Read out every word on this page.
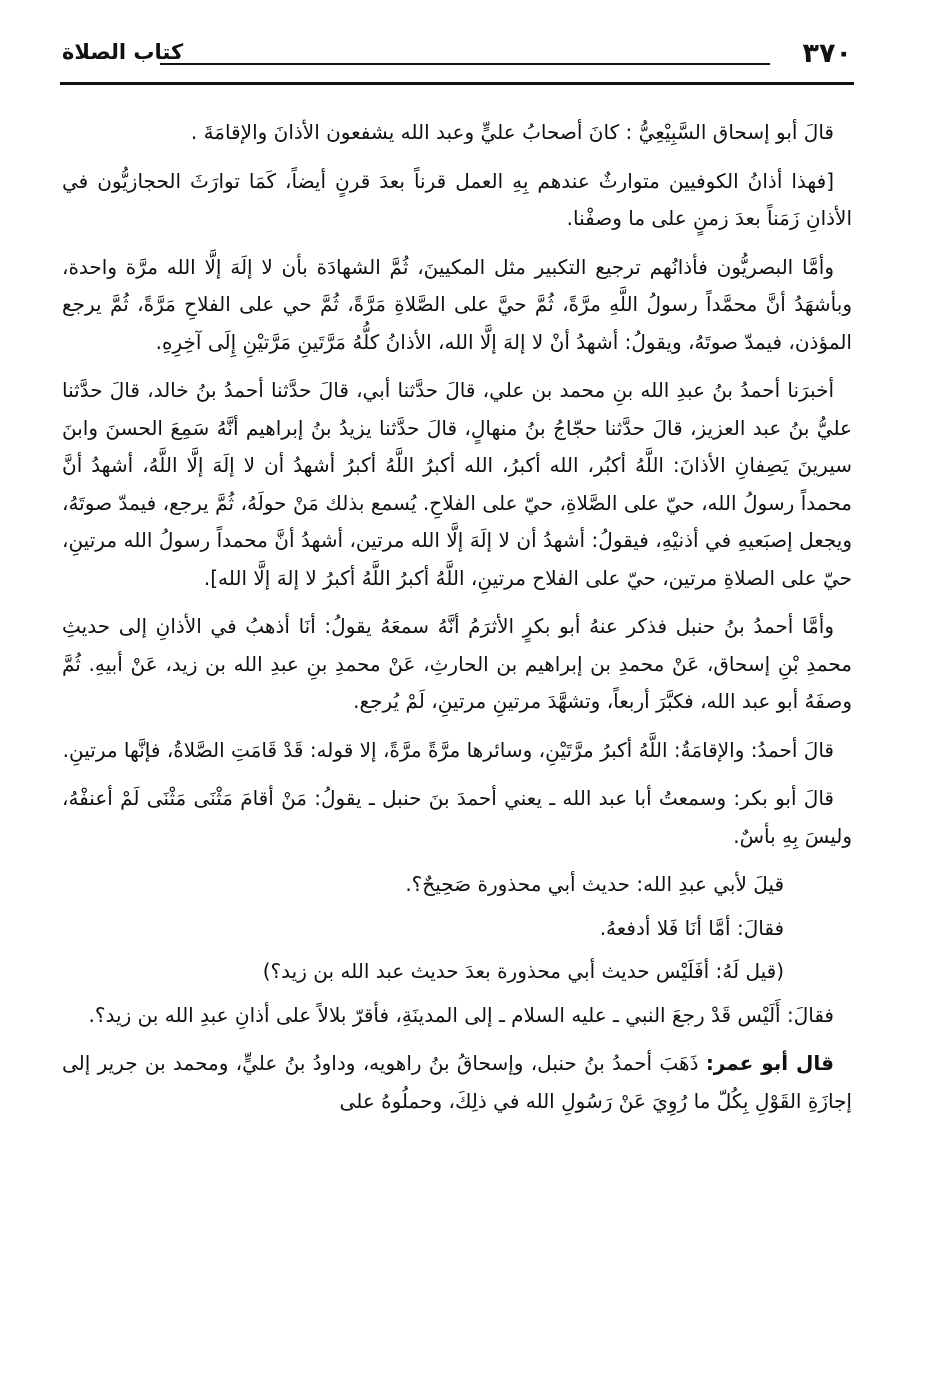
٣٧٠
كتاب الصلاة

قالَ أبو إسحاق السَّبِيْعِيُّ : كانَ أصحابُ عليٍّ وعبد الله يشفعون الأذانَ والإقامَةَ .

[فهذا أذانُ الكوفيين متوارثٌ عندهم بِهِ العمل قرناً بعدَ قرنٍ أيضاً، كَمَا توارَثَ الحجازيُّون في الأذانِ زَمَناً بعدَ زمنٍ على ما وصفْنا.

وأمَّا البصريُّون فأذانُهم ترجيع التكبير مثل المكيينَ، ثُمَّ الشهادَة بأن لا إلَهَ إلَّا الله مرَّة واحدة، وبأشهَدُ أنَّ محمَّداً رسولُ اللَّهِ مرَّةً، ثُمَّ حيَّ على الصَّلاةِ مَرَّةً، ثُمَّ حي على الفلاحِ مَرَّةً، ثُمَّ يرجع المؤذن، فيمدّ صوتَهُ، ويقولُ: أشهدُ أنْ لا إلهَ إلَّا الله، الأذانُ كلُّهُ مَرَّتَينِ مَرَّتيْنِ إِلَى آخِرِهِ.

أخبرَنا أحمدُ بنُ عبدِ الله بنِ محمد بن علي، قالَ حدَّثنا أبي، قالَ حدَّثنا أحمدُ بنُ خالد، قالَ حدَّثنا عليُّ بنُ عبد العزيز، قالَ حدَّثنا حجّاجُ بنُ منهالٍ، قالَ حدَّثنا يزيدُ بنُ إبراهيم أنَّهُ سَمِعَ الحسنَ وابنَ سيرينَ يَصِفانِ الأذانَ: اللَّهُ أكبُر، الله أكبرُ، الله أكبرُ اللَّهُ أكبرُ أشهدُ أن لا إلَهَ إلَّا اللَّهُ، أشهدُ أنَّ محمداً رسولُ الله، حيّ على الصَّلاةِ، حيّ على الفلاحِ. يُسمع بذلك مَنْ حولَهُ، ثُمَّ يرجع، فيمدّ صوتَهُ، ويجعل إصبَعيهِ في أذنيْهِ، فيقولُ: أشهدُ أن لا إلَهَ إلَّا الله مرتين، أشهدُ أنَّ محمداً رسولُ الله مرتينِ، حيّ على الصلاةِ مرتين، حيّ على الفلاح مرتينِ، اللَّهُ أكبرُ اللَّهُ أكبرُ لا إلهَ إلَّا الله].

وأمَّا أحمدُ بنُ حنبل فذكر عنهُ أبو بكرٍ الأثرَمُ أنَّهُ سمعَهُ يقولُ: أنَا أذهبُ في الأذانِ إلى حديثِ محمدِ بْنِ إسحاق، عَنْ محمدِ بن إبراهيم بن الحارثِ، عَنْ محمدِ بنِ عبدِ الله بن زيد، عَنْ أبيهِ. ثُمَّ وصفَهُ أبو عبد الله، فكبَّرَ أربعاً، وتشهَّدَ مرتينِ مرتينِ، لَمْ يُرجع.

قالَ أحمدُ: والإقامَةُ: اللَّهُ أكبرُ مرَّتَيْنِ، وسائرها مرَّةً مرَّةً، إلا قوله: قَدْ قَامَتِ الصَّلاةُ، فإنَّها مرتينِ.

قالَ أبو بكر: وسمعتُ أبا عبد الله ـ يعني أحمدَ بنَ حنبل ـ يقولُ: مَنْ أقامَ مَثْنَى مَثْنَى لَمْ أعنفْهُ، وليسَ بِهِ بأسٌ.

قيلَ لأبي عبدِ الله: حديث أبي محذورة صَحِيحٌ؟.

فقالَ: أمَّا أنَا فَلا أدفعهُ.

(قيل لَهُ: أفَلَيْس حديث أبي محذورة بعدَ حديث عبد الله بن زيد؟)

فقالَ: أَلَيْس قَدْ رجعَ النبي ـ عليه السلام ـ إلى المدينَةِ، فأقرّ بلالاً على أذانِ عبدِ الله بن زيد؟.

قال أبو عمر: ذَهَبَ أحمدُ بنُ حنبل، وإسحاقُ بنُ راهويه، وداودُ بنُ عليٍّ، ومحمد بن جرير إلى إجازَةِ القَوْلِ بِكُلّ ما رُوِيَ عَنْ رَسُولِ الله في ذلِكَ، وحملُوهُ على
